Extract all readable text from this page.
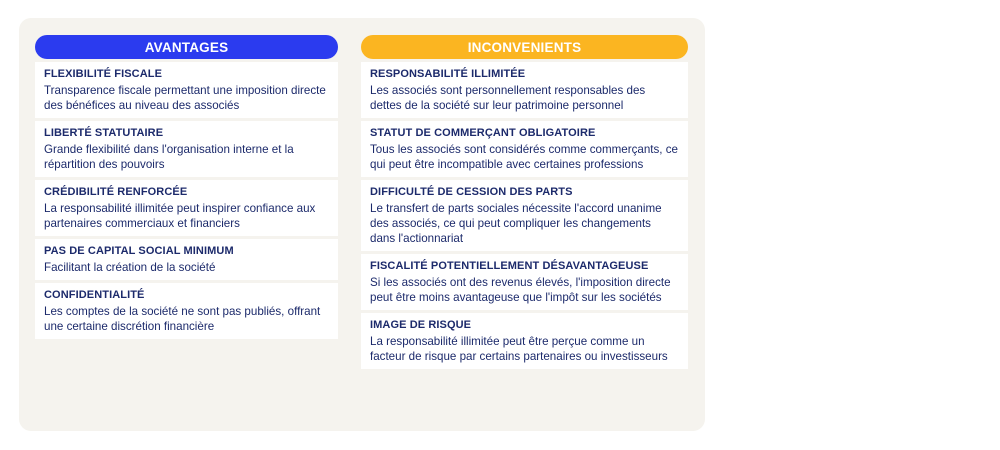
AVANTAGES
FLEXIBILITÉ FISCALE
Transparence fiscale permettant une imposition directe des bénéfices au niveau des associés
LIBERTÉ STATUTAIRE
Grande flexibilité dans l'organisation interne et la répartition des pouvoirs
CRÉDIBILITÉ RENFORCÉE
La responsabilité illimitée peut inspirer confiance aux partenaires commerciaux et financiers
PAS DE CAPITAL SOCIAL MINIMUM
Facilitant la création de la société
CONFIDENTIALITÉ
Les comptes de la société ne sont pas publiés, offrant une certaine discrétion financière
INCONVENIENTS
RESPONSABILITÉ ILLIMITÉE
Les associés sont personnellement responsables des dettes de la société sur leur patrimoine personnel
STATUT DE COMMERÇANT OBLIGATOIRE
Tous les associés sont considérés comme commerçants, ce qui peut être incompatible avec certaines professions
DIFFICULTÉ DE CESSION DES PARTS
Le transfert de parts sociales nécessite l'accord unanime des associés, ce qui peut compliquer les changements dans l'actionnariat
FISCALITÉ POTENTIELLEMENT DÉSAVANTAGEUSE
Si les associés ont des revenus élevés, l'imposition directe peut être moins avantageuse que l'impôt sur les sociétés
IMAGE DE RISQUE
La responsabilité illimitée peut être perçue comme un facteur de risque par certains partenaires ou investisseurs
